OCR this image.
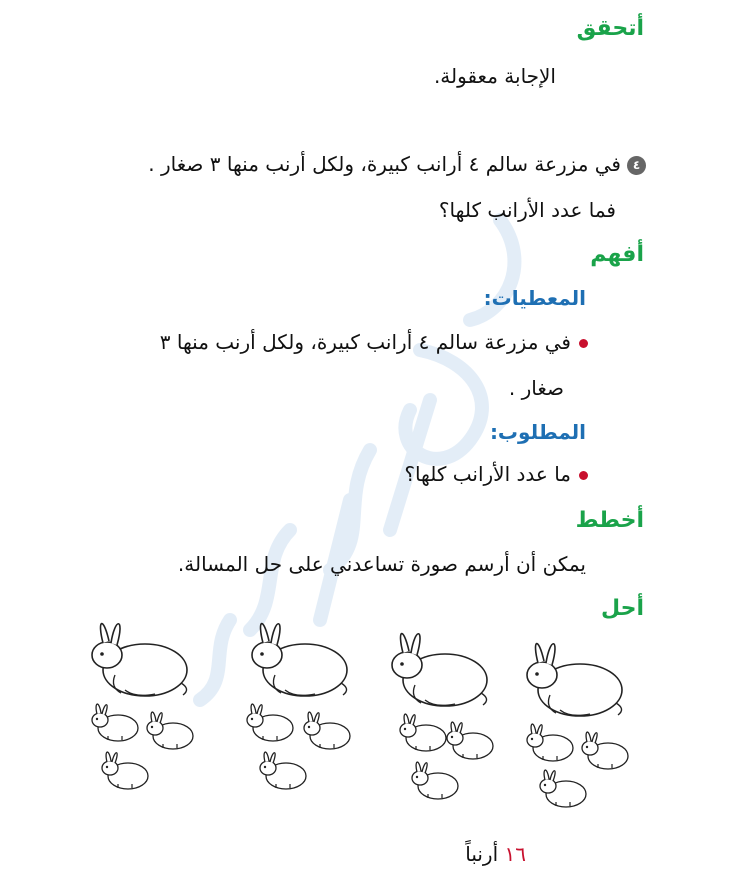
أتحقق
الإجابة معقولة.
٤في مزرعة سالم ٤ أرانب كبيرة، ولكل أرنب منها ٣ صغار .
فما عدد الأرانب كلها؟
أفهم
المعطيات:
في مزرعة سالم ٤ أرانب كبيرة، ولكل أرنب منها ٣
صغار .
المطلوب:
ما عدد الأرانب كلها؟
أخطط
يمكن أن أرسم صورة تساعدني على حل المسالة.
أحل
١٦ أرنباً
